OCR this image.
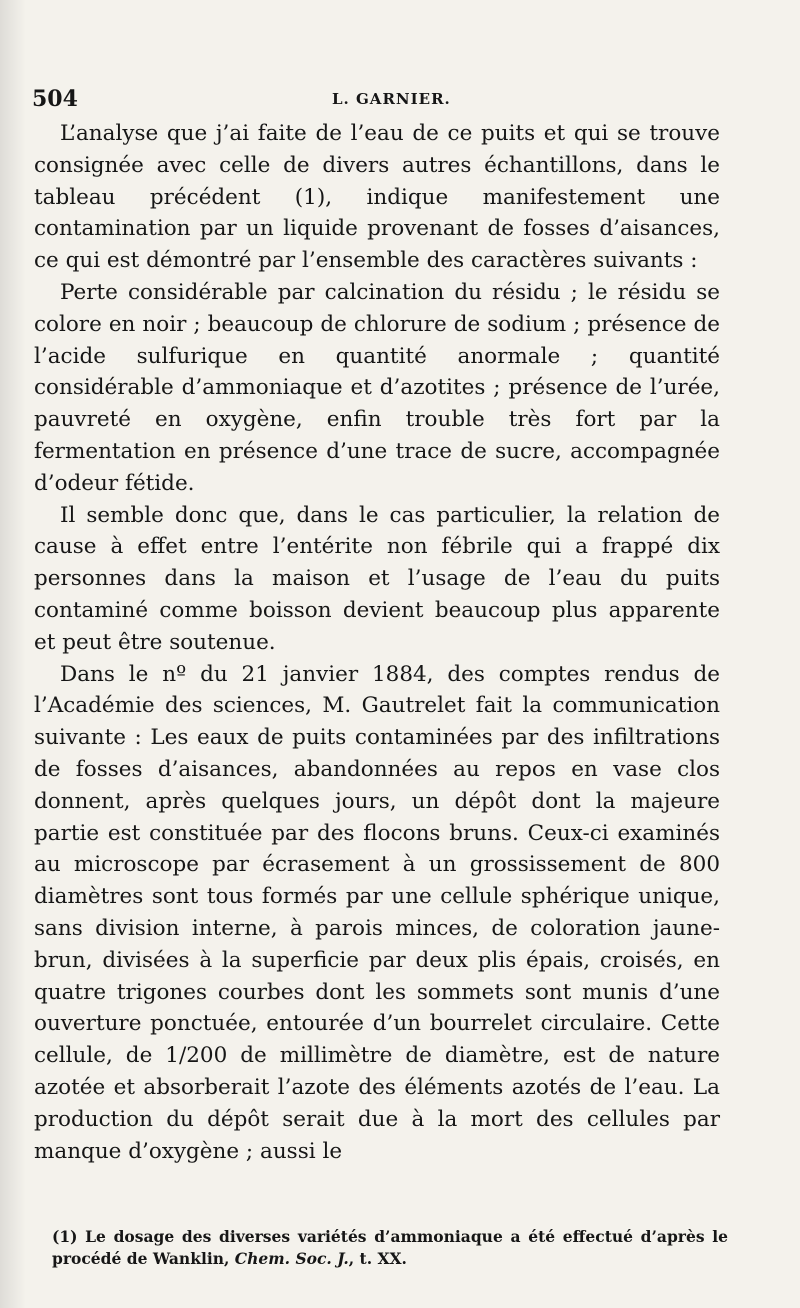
504	L. GARNIER.

L’analyse que j’ai faite de l’eau de ce puits et qui se trouve consignée avec celle de divers autres échantillons, dans le tableau précédent (1), indique manifestement une contamination par un liquide provenant de fosses d’aisances, ce qui est démontré par l’ensemble des caractères suivants :

Perte considérable par calcination du résidu ; le résidu se colore en noir ; beaucoup de chlorure de sodium ; présence de l’acide sulfurique en quantité anormale ; quantité considérable d’ammoniaque et d’azotites ; présence de l’urée, pauvreté en oxygène, enfin trouble très fort par la fermentation en présence d’une trace de sucre, accompagnée d’odeur fétide.

Il semble donc que, dans le cas particulier, la relation de cause à effet entre l’entérite non fébrile qui a frappé dix personnes dans la maison et l’usage de l’eau du puits contaminé comme boisson devient beaucoup plus apparente et peut être soutenue.

Dans le nº du 21 janvier 1884, des comptes rendus de l’Académie des sciences, M. Gautrelet fait la communication suivante : Les eaux de puits contaminées par des infiltrations de fosses d’aisances, abandonnées au repos en vase clos donnent, après quelques jours, un dépôt dont la majeure partie est constituée par des flocons bruns. Ceux-ci examinés au microscope par écrasement à un grossissement de 800 diamètres sont tous formés par une cellule sphérique unique, sans division interne, à parois minces, de coloration jaune-brun, divisées à la superficie par deux plis épais, croisés, en quatre trigones courbes dont les sommets sont munis d’une ouverture ponctuée, entourée d’un bourrelet circulaire. Cette cellule, de 1/200 de millimètre de diamètre, est de nature azotée et absorberait l’azote des éléments azotés de l’eau. La production du dépôt serait due à la mort des cellules par manque d’oxygène ; aussi le

(1) Le dosage des diverses variétés d’ammoniaque a été effectué d’après le procédé de Wanklin, Chem. Soc. J., t. XX.
